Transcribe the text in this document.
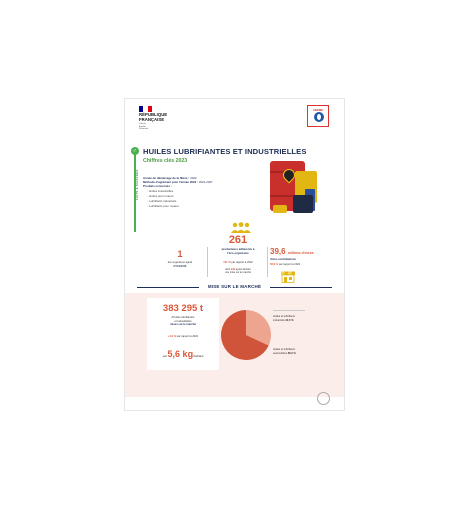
RÉPUBLIQUE
FRANÇAISE
Liberté
Égalité
Fraternité
ADEME
✓
FAITS & CHIFFRES
HUILES LUBRIFIANTES ET INDUSTRIELLES
Chiffres clés 2023
Année de démarrage de la filière : 2022
Méthode d'agrément pour l'année 2023 : 2022-2027
Produits concernés :
○ Huiles industrielles
○ Huiles pour moteur
○ Lubrifiants industriels
○ Lubrifiants pour moteur
1
éco-organisme agréé
CYCLEVIA
261
producteurs adhérents à
l'éco-organisme
131 % par rapport à 2022
dont 246 ayant déclaré
une mise sur le marché
39,6 millions d'euros
d'éco-contributions
56,9 % par rapport à 2022
MISE SUR LE MARCHÉ
383 295 t
d'huiles lubrifiantes
et industrielles
mises sur le marché
+4,9 % par rapport à 2022
soit 5,6 kg/habitant
Huiles et lubrifiants
industriels 32,0 %
Huiles et lubrifiants
automobiles 68,0 %
